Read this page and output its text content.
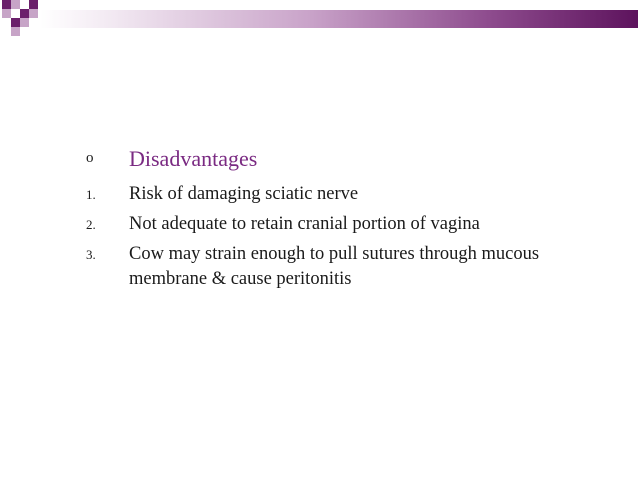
o Disadvantages
1. Risk of damaging sciatic nerve
2. Not adequate to retain cranial portion of vagina
3. Cow may strain enough to pull sutures through mucous membrane & cause peritonitis
